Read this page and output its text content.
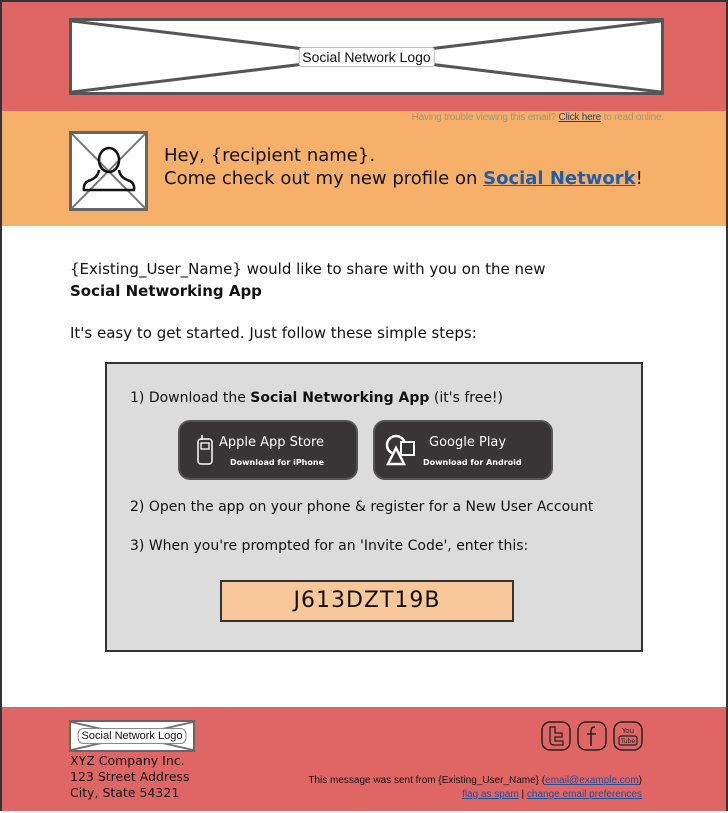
Social Network Logo
Having trouble viewing this email? Click here to read online.
Hey, {recipient name}.
Come check out my new profile on Social Network!
{Existing_User_Name} would like to share with you on the new
Social Networking App
It's easy to get started. Just follow these simple steps:
1) Download the Social Networking App (it's free!)
Apple App Store
Download for iPhone
Google Play
Download for Android
2) Open the app on your phone & register for a New User Account
3) When you're prompted for an 'Invite Code', enter this:
J613DZT19B
Social Network Logo
XYZ Company Inc.
123 Street Address
City, State 54321
You
Tube
This message was sent from {Existing_User_Name} (email@example.com)
flag as spam | change email preferences
